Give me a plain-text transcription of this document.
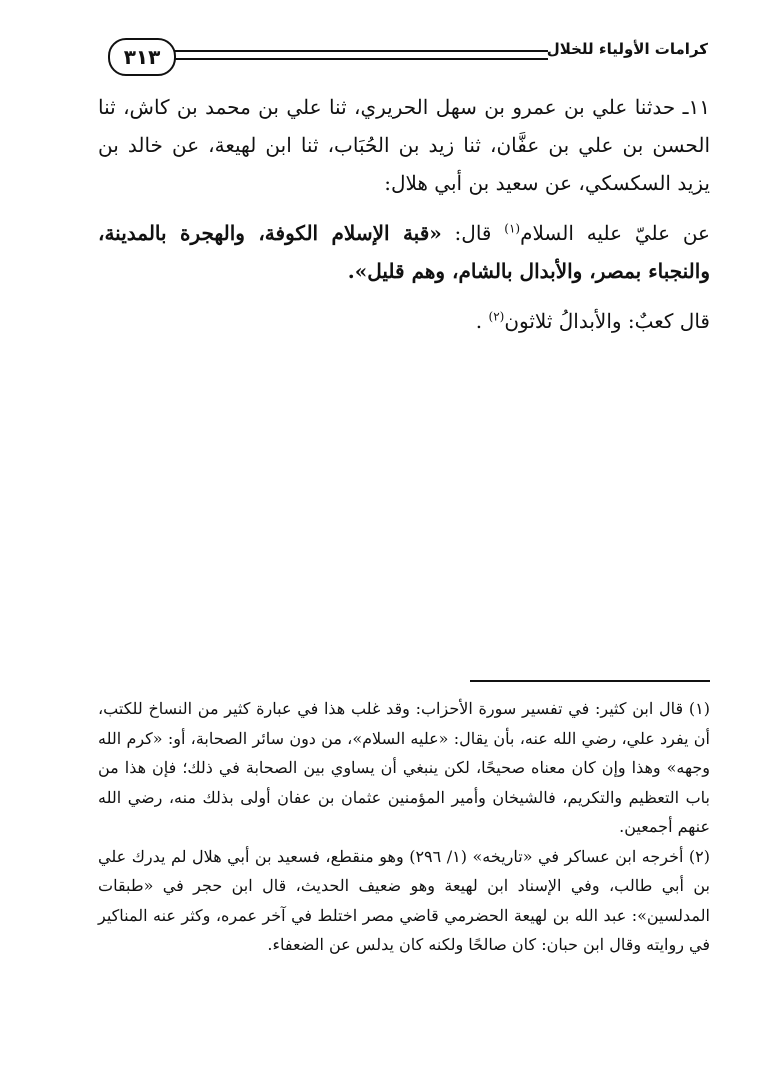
٣١٣	كرامات الأولياء للخلال

١١ـ حدثنا علي بن عمرو بن سهل الحريري، ثنا علي بن محمد بن كاش، ثنا الحسن بن علي بن عفَّان، ثنا زيد بن الحُبَاب، ثنا ابن لهيعة، عن خالد بن يزيد السكسكي، عن سعيد بن أبي هلال:

عن عليّ عليه السلام$^{(١)}$ قال: «قبة الإسلام الكوفة، والهجرة بالمدينة، والنجباء بمصر، والأبدال بالشام، وهم قليل».

قال كعبٌ: والأبدالُ ثلاثون$^{(٢)}$ .

(١) قال ابن كثير: في تفسير سورة الأحزاب: وقد غلب هذا في عبارة كثير من النساخ للكتب، أن يفرد علي، رضي الله عنه، بأن يقال: «عليه السلام»، من دون سائر الصحابة، أو: «كرم الله وجهه» وهذا وإن كان معناه صحيحًا، لكن ينبغي أن يساوي بين الصحابة في ذلك؛ فإن هذا من باب التعظيم والتكريم، فالشيخان وأمير المؤمنين عثمان بن عفان أولى بذلك منه، رضي الله عنهم أجمعين.

(٢) أخرجه ابن عساكر في «تاريخه» (١/ ٢٩٦) وهو منقطع، فسعيد بن أبي هلال لم يدرك علي بن أبي طالب، وفي الإسناد ابن لهيعة وهو ضعيف الحديث، قال ابن حجر في «طبقات المدلسين»: عبد الله بن لهيعة الحضرمي قاضي مصر اختلط في آخر عمره، وكثر عنه المناكير في روايته وقال ابن حبان: كان صالحًا ولكنه كان يدلس عن الضعفاء.
